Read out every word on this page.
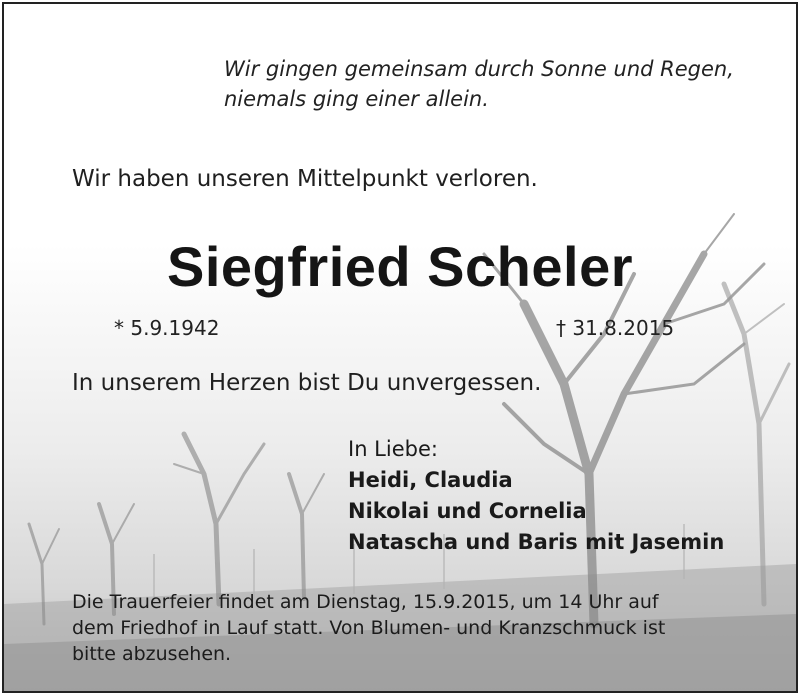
Wir gingen gemeinsam durch Sonne und Regen,
niemals ging einer allein.
Wir haben unseren Mittelpunkt verloren.
Siegfried Scheler
* 5.9.1942	† 31.8.2015
In unserem Herzen bist Du unvergessen.
In Liebe:
Heidi, Claudia
Nikolai und Cornelia
Natascha und Baris mit Jasemin
Die Trauerfeier findet am Dienstag, 15.9.2015, um 14 Uhr auf
dem Friedhof in Lauf statt. Von Blumen- und Kranzschmuck ist
bitte abzusehen.
